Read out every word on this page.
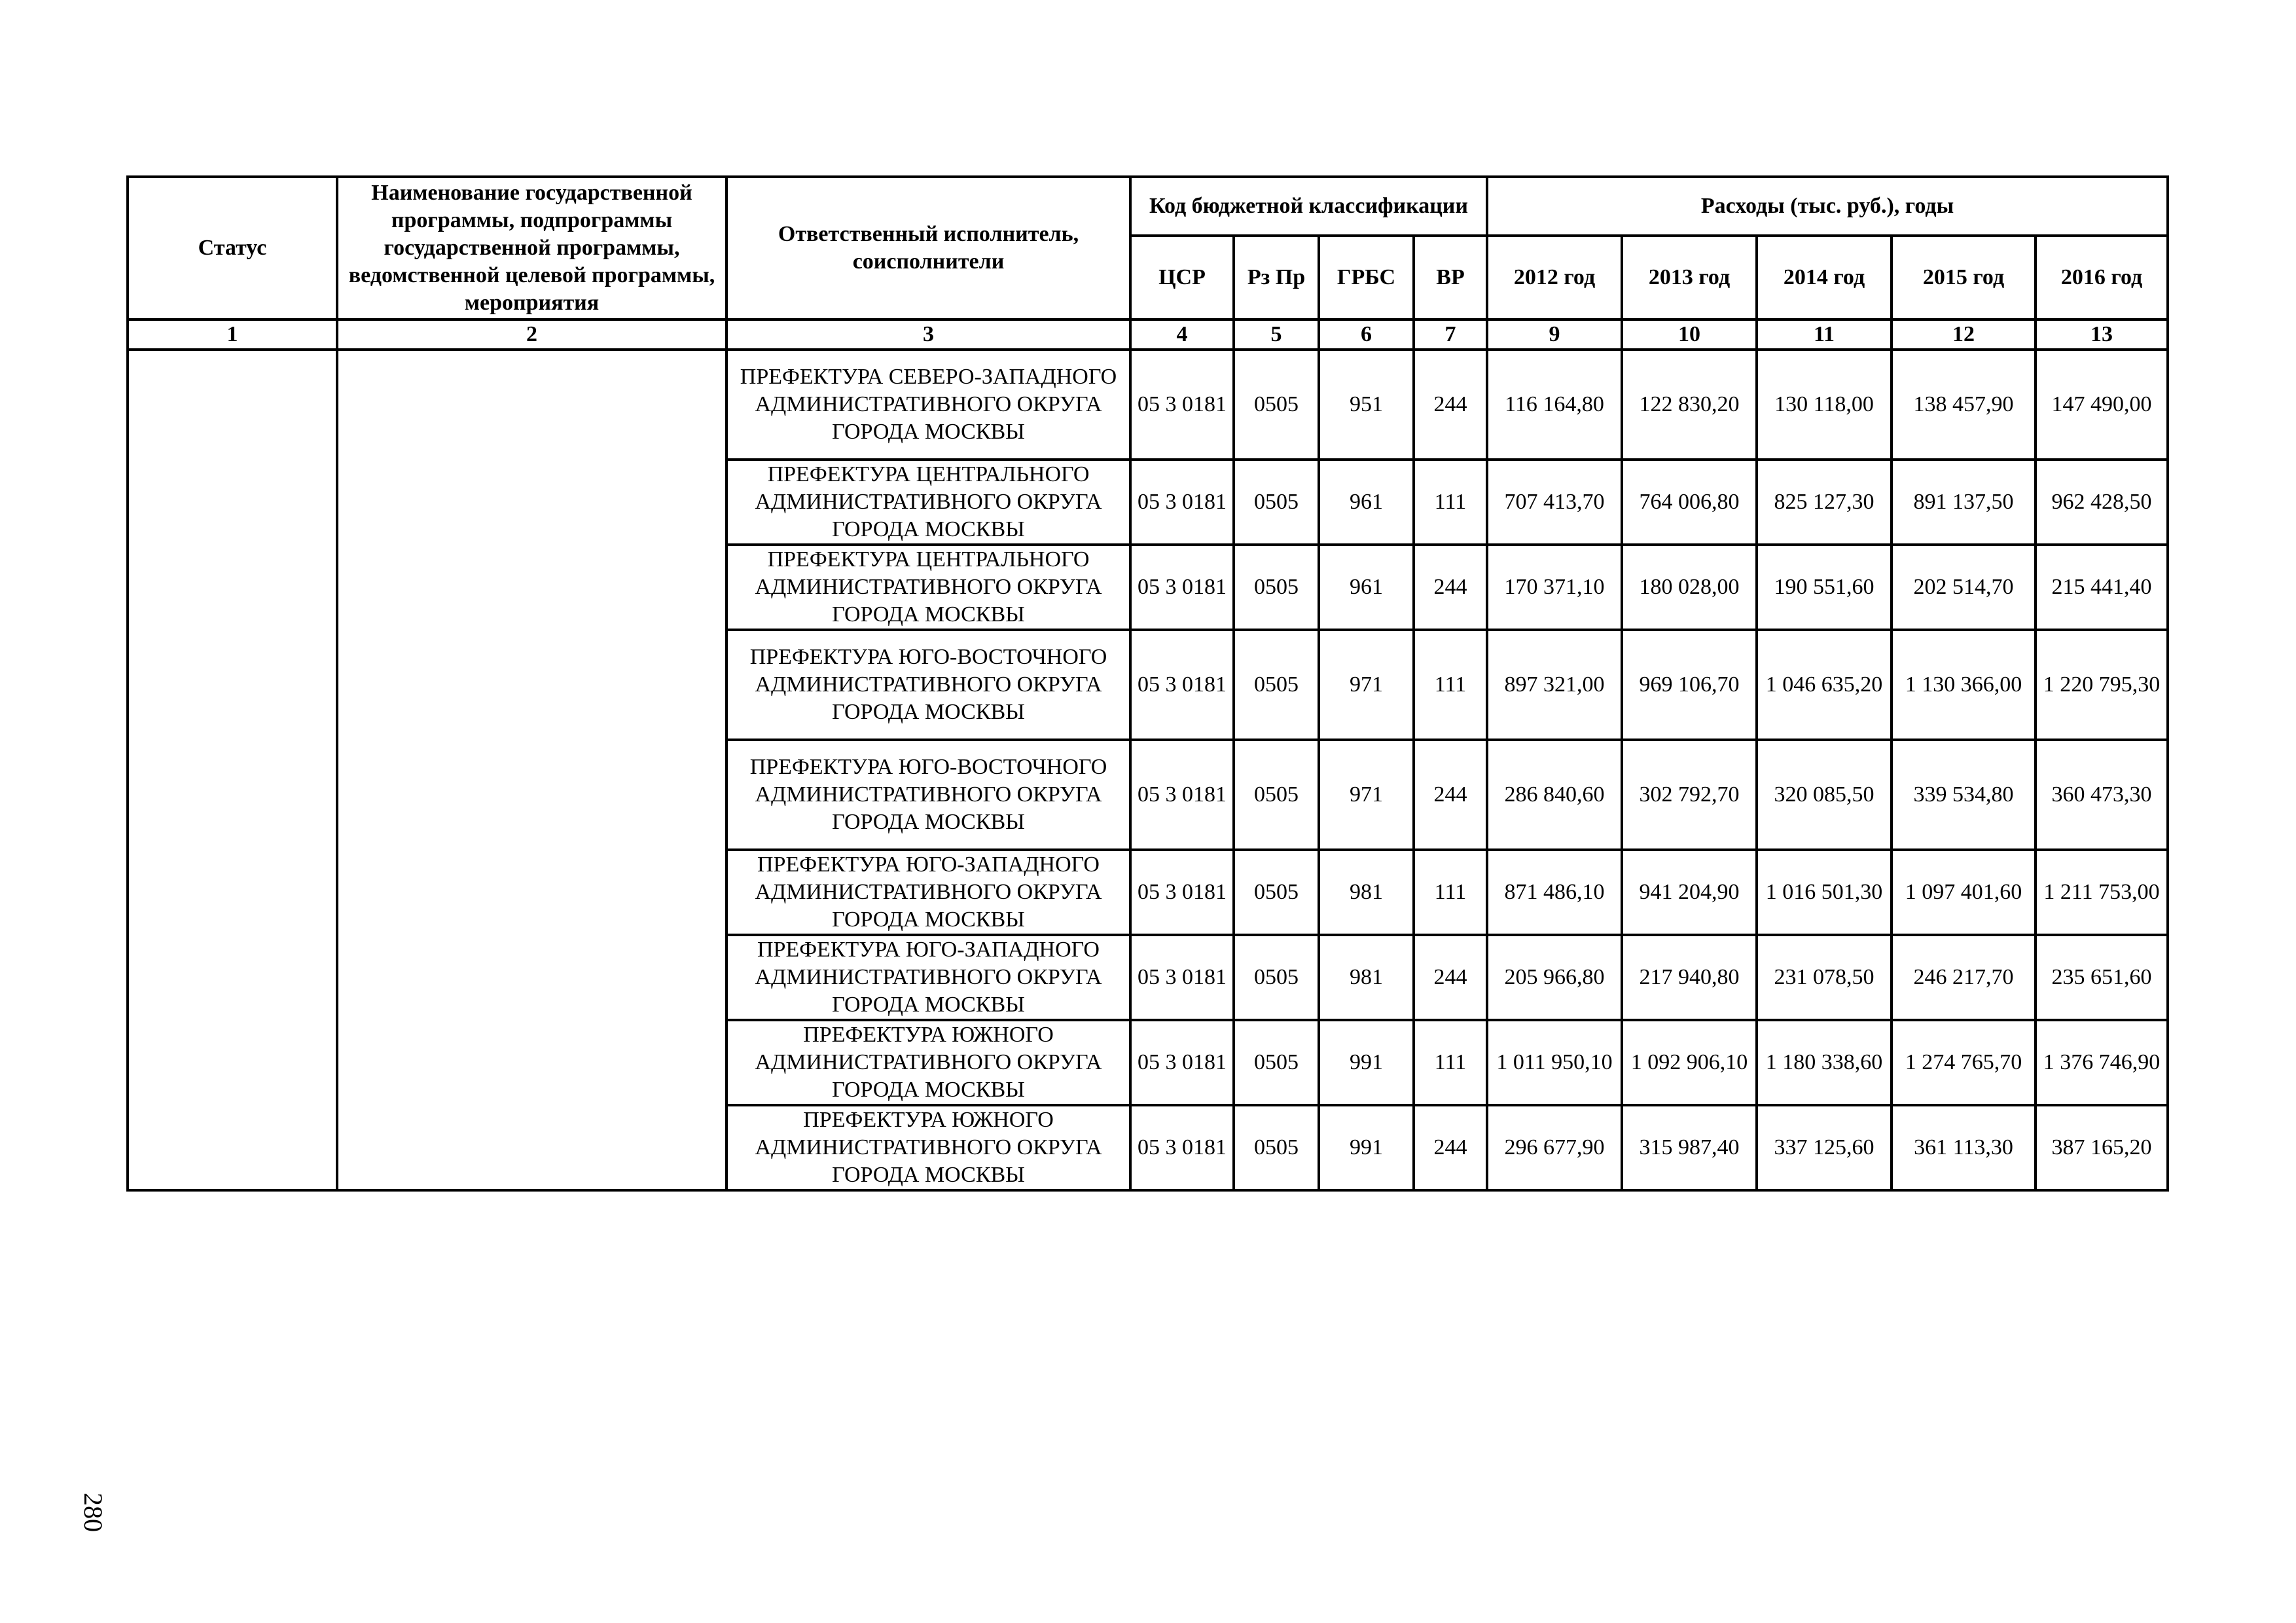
Статус	Наименование государственной программы, подпрограммы государственной программы, ведомственной целевой программы, мероприятия	Ответственный исполнитель, соисполнители	Код бюджетной классификации				Расходы (тыс. руб.), годы				
			ЦСР	Рз Пр	ГРБС	ВР	2012 год	2013 год	2014 год	2015 год	2016 год
1	2	3	4	5	6	7	9	10	11	12	13
		ПРЕФЕКТУРА СЕВЕРО-ЗАПАДНОГО АДМИНИСТРАТИВНОГО ОКРУГА ГОРОДА МОСКВЫ	05 3 0181	0505	951	244	116 164,80	122 830,20	130 118,00	138 457,90	147 490,00
		ПРЕФЕКТУРА ЦЕНТРАЛЬНОГО АДМИНИСТРАТИВНОГО ОКРУГА ГОРОДА МОСКВЫ	05 3 0181	0505	961	111	707 413,70	764 006,80	825 127,30	891 137,50	962 428,50
		ПРЕФЕКТУРА ЦЕНТРАЛЬНОГО АДМИНИСТРАТИВНОГО ОКРУГА ГОРОДА МОСКВЫ	05 3 0181	0505	961	244	170 371,10	180 028,00	190 551,60	202 514,70	215 441,40
		ПРЕФЕКТУРА ЮГО-ВОСТОЧНОГО АДМИНИСТРАТИВНОГО ОКРУГА ГОРОДА МОСКВЫ	05 3 0181	0505	971	111	897 321,00	969 106,70	1 046 635,20	1 130 366,00	1 220 795,30
		ПРЕФЕКТУРА ЮГО-ВОСТОЧНОГО АДМИНИСТРАТИВНОГО ОКРУГА ГОРОДА МОСКВЫ	05 3 0181	0505	971	244	286 840,60	302 792,70	320 085,50	339 534,80	360 473,30
		ПРЕФЕКТУРА ЮГО-ЗАПАДНОГО АДМИНИСТРАТИВНОГО ОКРУГА ГОРОДА МОСКВЫ	05 3 0181	0505	981	111	871 486,10	941 204,90	1 016 501,30	1 097 401,60	1 211 753,00
		ПРЕФЕКТУРА ЮГО-ЗАПАДНОГО АДМИНИСТРАТИВНОГО ОКРУГА ГОРОДА МОСКВЫ	05 3 0181	0505	981	244	205 966,80	217 940,80	231 078,50	246 217,70	235 651,60
		ПРЕФЕКТУРА ЮЖНОГО АДМИНИСТРАТИВНОГО ОКРУГА ГОРОДА МОСКВЫ	05 3 0181	0505	991	111	1 011 950,10	1 092 906,10	1 180 338,60	1 274 765,70	1 376 746,90
		ПРЕФЕКТУРА ЮЖНОГО АДМИНИСТРАТИВНОГО ОКРУГА ГОРОДА МОСКВЫ	05 3 0181	0505	991	244	296 677,90	315 987,40	337 125,60	361 113,30	387 165,20
280
